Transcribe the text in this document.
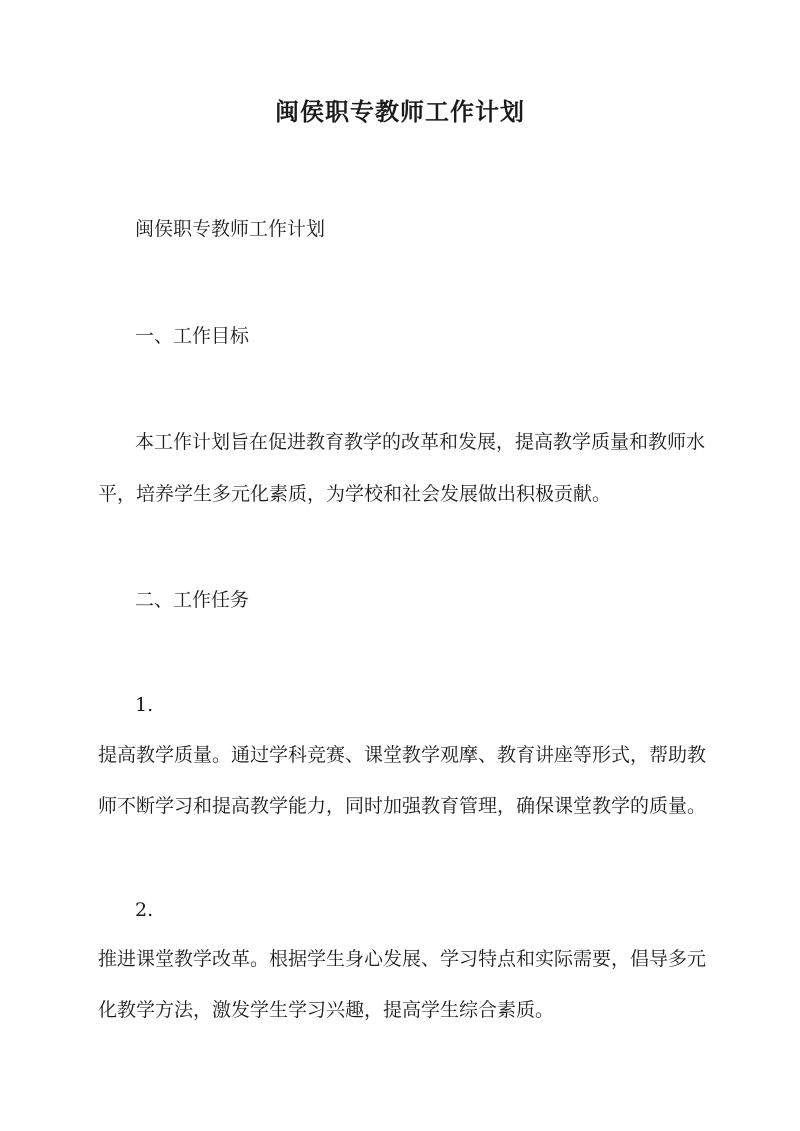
闽侯职专教师工作计划

闽侯职专教师工作计划

一、工作目标

本工作计划旨在促进教育教学的改革和发展，提高教学质量和教师水

平，培养学生多元化素质，为学校和社会发展做出积极贡献。

二、工作任务

1.

提高教学质量。通过学科竞赛、课堂教学观摩、教育讲座等形式，帮助教

师不断学习和提高教学能力，同时加强教育管理，确保课堂教学的质量。

2.

推进课堂教学改革。根据学生身心发展、学习特点和实际需要，倡导多元

化教学方法，激发学生学习兴趣，提高学生综合素质。
